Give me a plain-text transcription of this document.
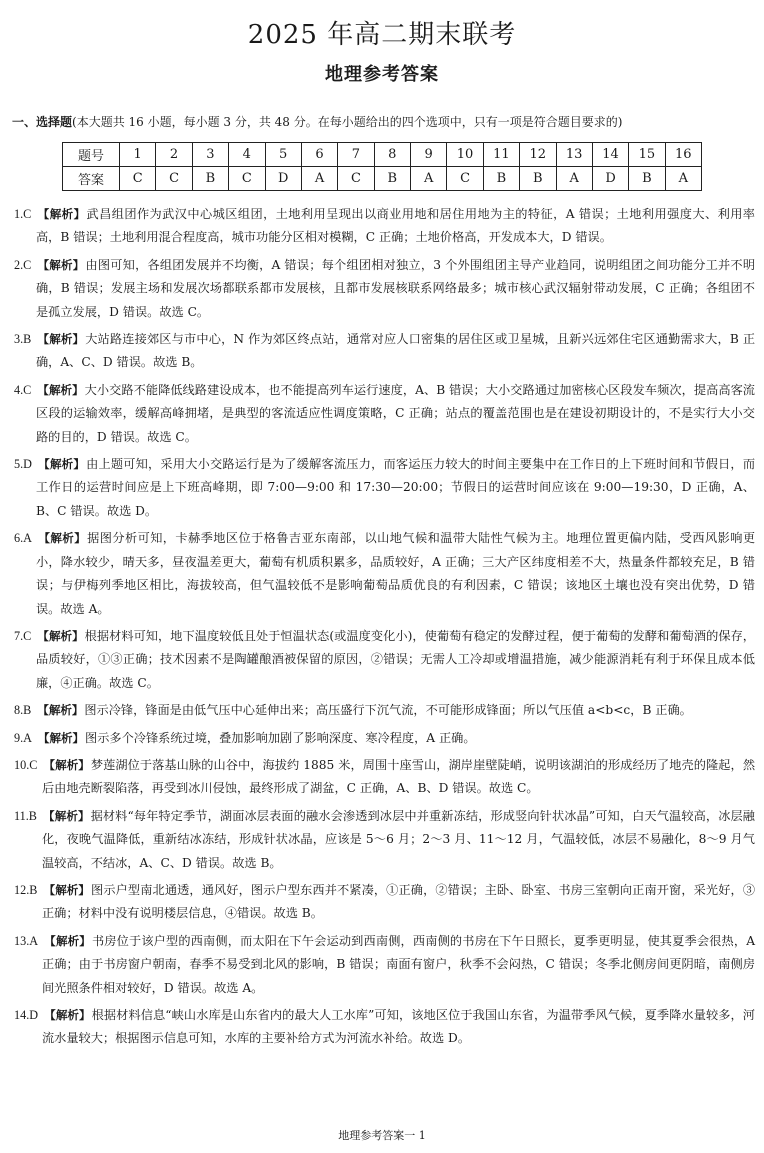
2025 年高二期末联考
地理参考答案
一、选择题(本大题共 16 小题，每小题 3 分，共 48 分。在每小题给出的四个选项中，只有一项是符合题目要求的)
题号	1	2	3	4	5	6	7	8	9	10	11	12	13	14	15	16
答案	C	C	B	C	D	A	C	B	A	C	B	B	A	D	B	A
1.C  【解析】武昌组团作为武汉中心城区组团，土地利用呈现出以商业用地和居住用地为主的特征，A 错误；土地利用强度大、利用率高，B 错误；土地利用混合程度高，城市功能分区相对模糊，C 正确；土地价格高，开发成本大，D 错误。
2.C  【解析】由图可知，各组团发展并不均衡，A 错误；每个组团相对独立，3 个外围组团主导产业趋同，说明组团之间功能分工并不明确，B 错误；发展主场和发展次场都联系都市发展核，且都市发展核联系网络最多；城市核心武汉辐射带动发展，C 正确；各组团不是孤立发展，D 错误。故选 C。
3.B  【解析】大站路连接郊区与市中心，N 作为郊区终点站，通常对应人口密集的居住区或卫星城，且新兴远郊住宅区通勤需求大，B 正确，A、C、D 错误。故选 B。
4.C  【解析】大小交路不能降低线路建设成本，也不能提高列车运行速度，A、B 错误；大小交路通过加密核心区段发车频次，提高高客流区段的运输效率，缓解高峰拥堵，是典型的客流适应性调度策略，C 正确；站点的覆盖范围也是在建设初期设计的，不是实行大小交路的目的，D 错误。故选 C。
5.D  【解析】由上题可知，采用大小交路运行是为了缓解客流压力，而客运压力较大的时间主要集中在工作日的上下班时间和节假日，而工作日的运营时间应是上下班高峰期，即 7:00—9:00 和 17:30—20:00；节假日的运营时间应该在 9:00—19:30，D 正确，A、B、C 错误。故选 D。
6.A  【解析】据图分析可知，卡赫季地区位于格鲁吉亚东南部，以山地气候和温带大陆性气候为主。地理位置更偏内陆，受西风影响更小，降水较少，晴天多，昼夜温差更大，葡萄有机质积累多，品质较好，A 正确；三大产区纬度相差不大，热量条件都较充足，B 错误；与伊梅列季地区相比，海拔较高，但气温较低不是影响葡萄品质优良的有利因素，C 错误；该地区土壤也没有突出优势，D 错误。故选 A。
7.C  【解析】根据材料可知，地下温度较低且处于恒温状态(或温度变化小)，使葡萄有稳定的发酵过程，便于葡萄的发酵和葡萄酒的保存，品质较好，①③正确；技术因素不是陶罐酿酒被保留的原因，②错误；无需人工冷却或增温措施，减少能源消耗有利于环保且成本低廉，④正确。故选 C。
8.B  【解析】图示冷锋，锋面是由低气压中心延伸出来；高压盛行下沉气流，不可能形成锋面；所以气压值 a<b<c，B 正确。
9.A  【解析】图示多个冷锋系统过境，叠加影响加剧了影响深度、寒冷程度，A 正确。
10.C  【解析】梦莲湖位于落基山脉的山谷中，海拔约 1885 米，周围十座雪山，湖岸崖壁陡峭，说明该湖泊的形成经历了地壳的隆起，然后由地壳断裂陷落，再受到冰川侵蚀，最终形成了湖盆，C 正确，A、B、D 错误。故选 C。
11.B  【解析】据材料“每年特定季节，湖面冰层表面的融水会渗透到冰层中并重新冻结，形成竖向针状冰晶”可知，白天气温较高，冰层融化，夜晚气温降低，重新结冰冻结，形成针状冰晶，应该是 5～6 月；2～3 月、11～12 月，气温较低，冰层不易融化，8～9 月气温较高，不结冰，A、C、D 错误。故选 B。
12.B  【解析】图示户型南北通透，通风好，图示户型东西并不紧凑，①正确，②错误；主卧、卧室、书房三室朝向正南开窗，采光好，③正确；材料中没有说明楼层信息，④错误。故选 B。
13.A  【解析】书房位于该户型的西南侧，而太阳在下午会运动到西南侧，西南侧的书房在下午日照长，夏季更明显，使其夏季会很热，A 正确；由于书房窗户朝南，春季不易受到北风的影响，B 错误；南面有窗户，秋季不会闷热，C 错误；冬季北侧房间更阴暗，南侧房间光照条件相对较好，D 错误。故选 A。
14.D  【解析】根据材料信息“峡山水库是山东省内的最大人工水库”可知，该地区位于我国山东省，为温带季风气候，夏季降水量较多，河流水量较大；根据图示信息可知，水库的主要补给方式为河流水补给。故选 D。
地理参考答案一 1
